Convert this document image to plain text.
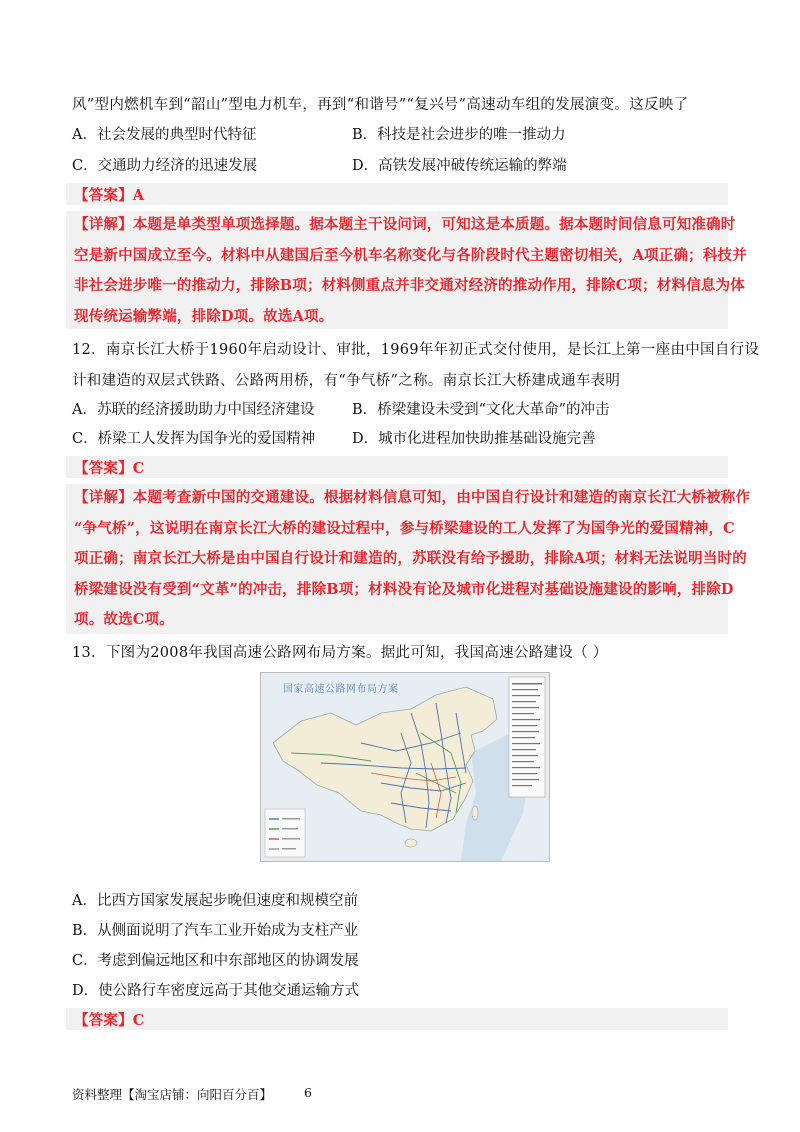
风”型内燃机车到“韶山”型电力机车，再到“和谐号”“复兴号”高速动车组的发展演变。这反映了
A．社会发展的典型时代特征	B．科技是社会进步的唯一推动力
C．交通助力经济的迅速发展	D．高铁发展冲破传统运输的弊端
【答案】A
【详解】本题是单类型单项选择题。据本题主干设问词，可知这是本质题。据本题时间信息可知准确时
空是新中国成立至今。材料中从建国后至今机车名称变化与各阶段时代主题密切相关，A项正确；科技并
非社会进步唯一的推动力，排除B项；材料侧重点并非交通对经济的推动作用，排除C项；材料信息为体
现传统运输弊端，排除D项。故选A项。
12．南京长江大桥于1960年启动设计、审批，1969年年初正式交付使用，是长江上第一座由中国自行设
计和建造的双层式铁路、公路两用桥，有“争气桥”之称。南京长江大桥建成通车表明
A．苏联的经济援助助力中国经济建设	B．桥梁建设未受到“文化大革命”的冲击
C．桥梁工人发挥为国争光的爱国精神	D．城市化进程加快助推基础设施完善
【答案】C
【详解】本题考查新中国的交通建设。根据材料信息可知，由中国自行设计和建造的南京长江大桥被称作
“争气桥”，这说明在南京长江大桥的建设过程中，参与桥梁建设的工人发挥了为国争光的爱国精神，C
项正确；南京长江大桥是由中国自行设计和建造的，苏联没有给予援助，排除A项；材料无法说明当时的
桥梁建设没有受到“文革”的冲击，排除B项；材料没有论及城市化进程对基础设施建设的影响，排除D
项。故选C项。
13．下图为2008年我国高速公路网布局方案。据此可知，我国高速公路建设（ ）
国家高速公路网布局方案
A．比西方国家发展起步晚但速度和规模空前
B．从侧面说明了汽车工业开始成为支柱产业
C．考虑到偏远地区和中东部地区的协调发展
D．使公路行车密度远高于其他交通运输方式
【答案】C
资料整理【淘宝店铺：向阳百分百】	6
